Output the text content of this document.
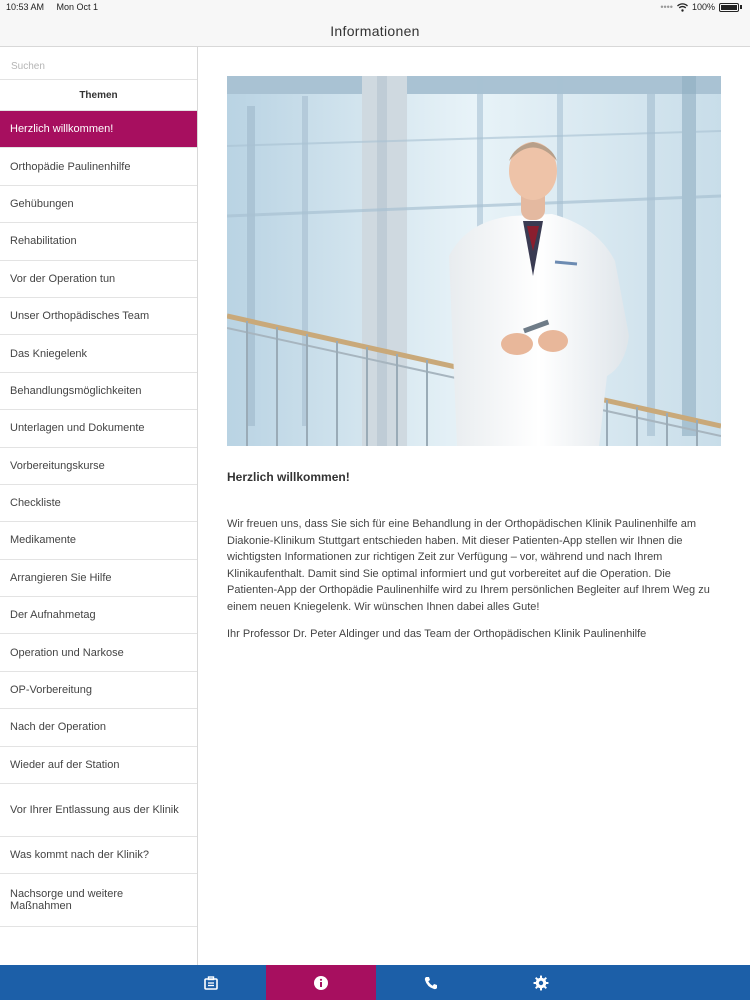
10:53 AM Mon Oct 1	•••• 100%
Informationen
Suchen
Themen
Herzlich willkommen!
Orthopädie Paulinenhilfe
Gehübungen
Rehabilitation
Vor der Operation tun
Unser Orthopädisches Team
Das Kniegelenk
Behandlungsmöglichkeiten
Unterlagen und Dokumente
Vorbereitungskurse
Checkliste
Medikamente
Arrangieren Sie Hilfe
Der Aufnahmetag
Operation und Narkose
OP-Vorbereitung
Nach der Operation
Wieder auf der Station
Vor Ihrer Entlassung aus der Klinik
Was kommt nach der Klinik?
Nachsorge und weitere Maßnahmen
Herzlich willkommen!

Wir freuen uns, dass Sie sich für eine Behandlung in der Orthopädischen Klinik Paulinenhilfe am Diakonie-Klinikum Stuttgart entschieden haben. Mit dieser Patienten-App stellen wir Ihnen die wichtigsten Informationen zur richtigen Zeit zur Verfügung – vor, während und nach Ihrem Klinikaufenthalt. Damit sind Sie optimal informiert und gut vorbereitet auf die Operation. Die Patienten-App der Orthopädie Paulinenhilfe wird zu Ihrem persönlichen Begleiter auf Ihrem Weg zu einem neuen Kniegelenk. Wir wünschen Ihnen dabei alles Gute!

Ihr Professor Dr. Peter Aldinger und das Team der Orthopädischen Klinik Paulinenhilfe
